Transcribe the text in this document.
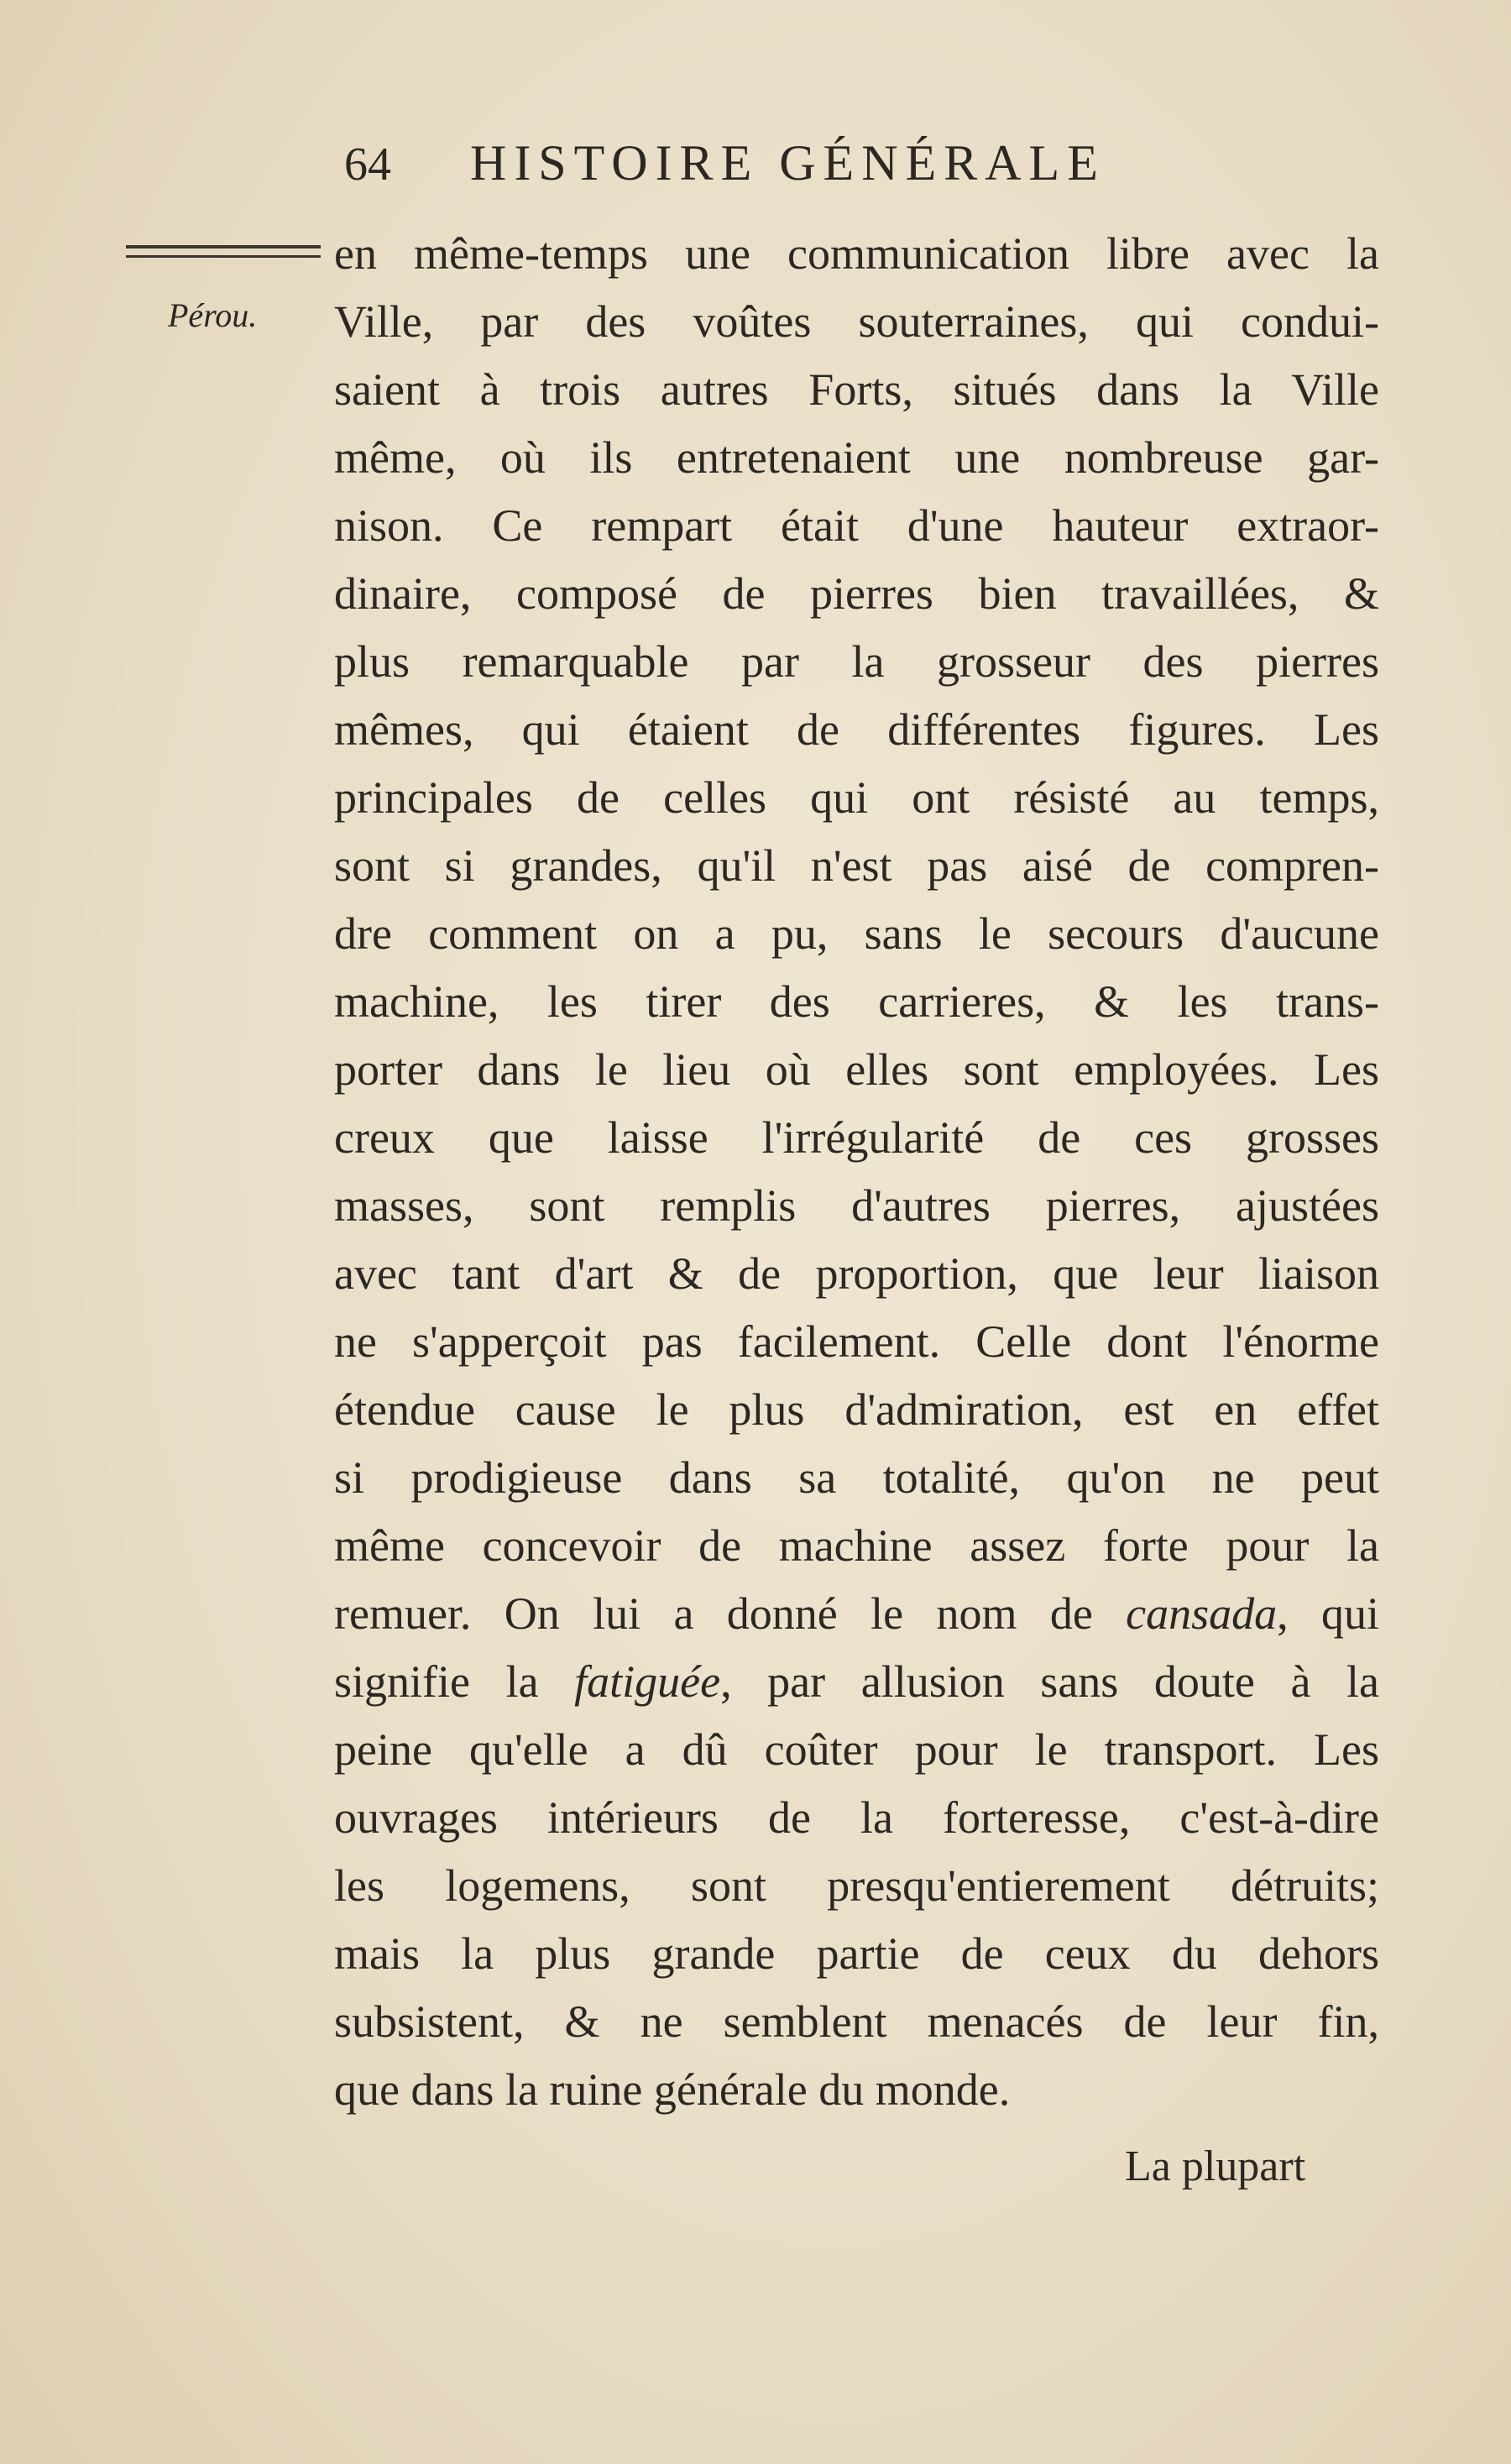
64	HISTOIRE GÉNÉRALE
Pérou.
en même-temps une communication libre avec la
Ville, par des voûtes souterraines, qui condui-
saient à trois autres Forts, situés dans la Ville
même, où ils entretenaient une nombreuse gar-
nison. Ce rempart était d'une hauteur extraor-
dinaire, composé de pierres bien travaillées, &
plus remarquable par la grosseur des pierres
mêmes, qui étaient de différentes figures. Les
principales de celles qui ont résisté au temps,
sont si grandes, qu'il n'est pas aisé de compren-
dre comment on a pu, sans le secours d'aucune
machine, les tirer des carrieres, & les trans-
porter dans le lieu où elles sont employées. Les
creux que laisse l'irrégularité de ces grosses
masses, sont remplis d'autres pierres, ajustées
avec tant d'art & de proportion, que leur liaison
ne s'apperçoit pas facilement. Celle dont l'énorme
étendue cause le plus d'admiration, est en effet
si prodigieuse dans sa totalité, qu'on ne peut
même concevoir de machine assez forte pour la
remuer. On lui a donné le nom de cansada, qui
signifie la fatiguée, par allusion sans doute à la
peine qu'elle a dû coûter pour le transport. Les
ouvrages intérieurs de la forteresse, c'est-à-dire
les logemens, sont presqu'entierement détruits;
mais la plus grande partie de ceux du dehors
subsistent, & ne semblent menacés de leur fin,
que dans la ruine générale du monde.
La plupart
